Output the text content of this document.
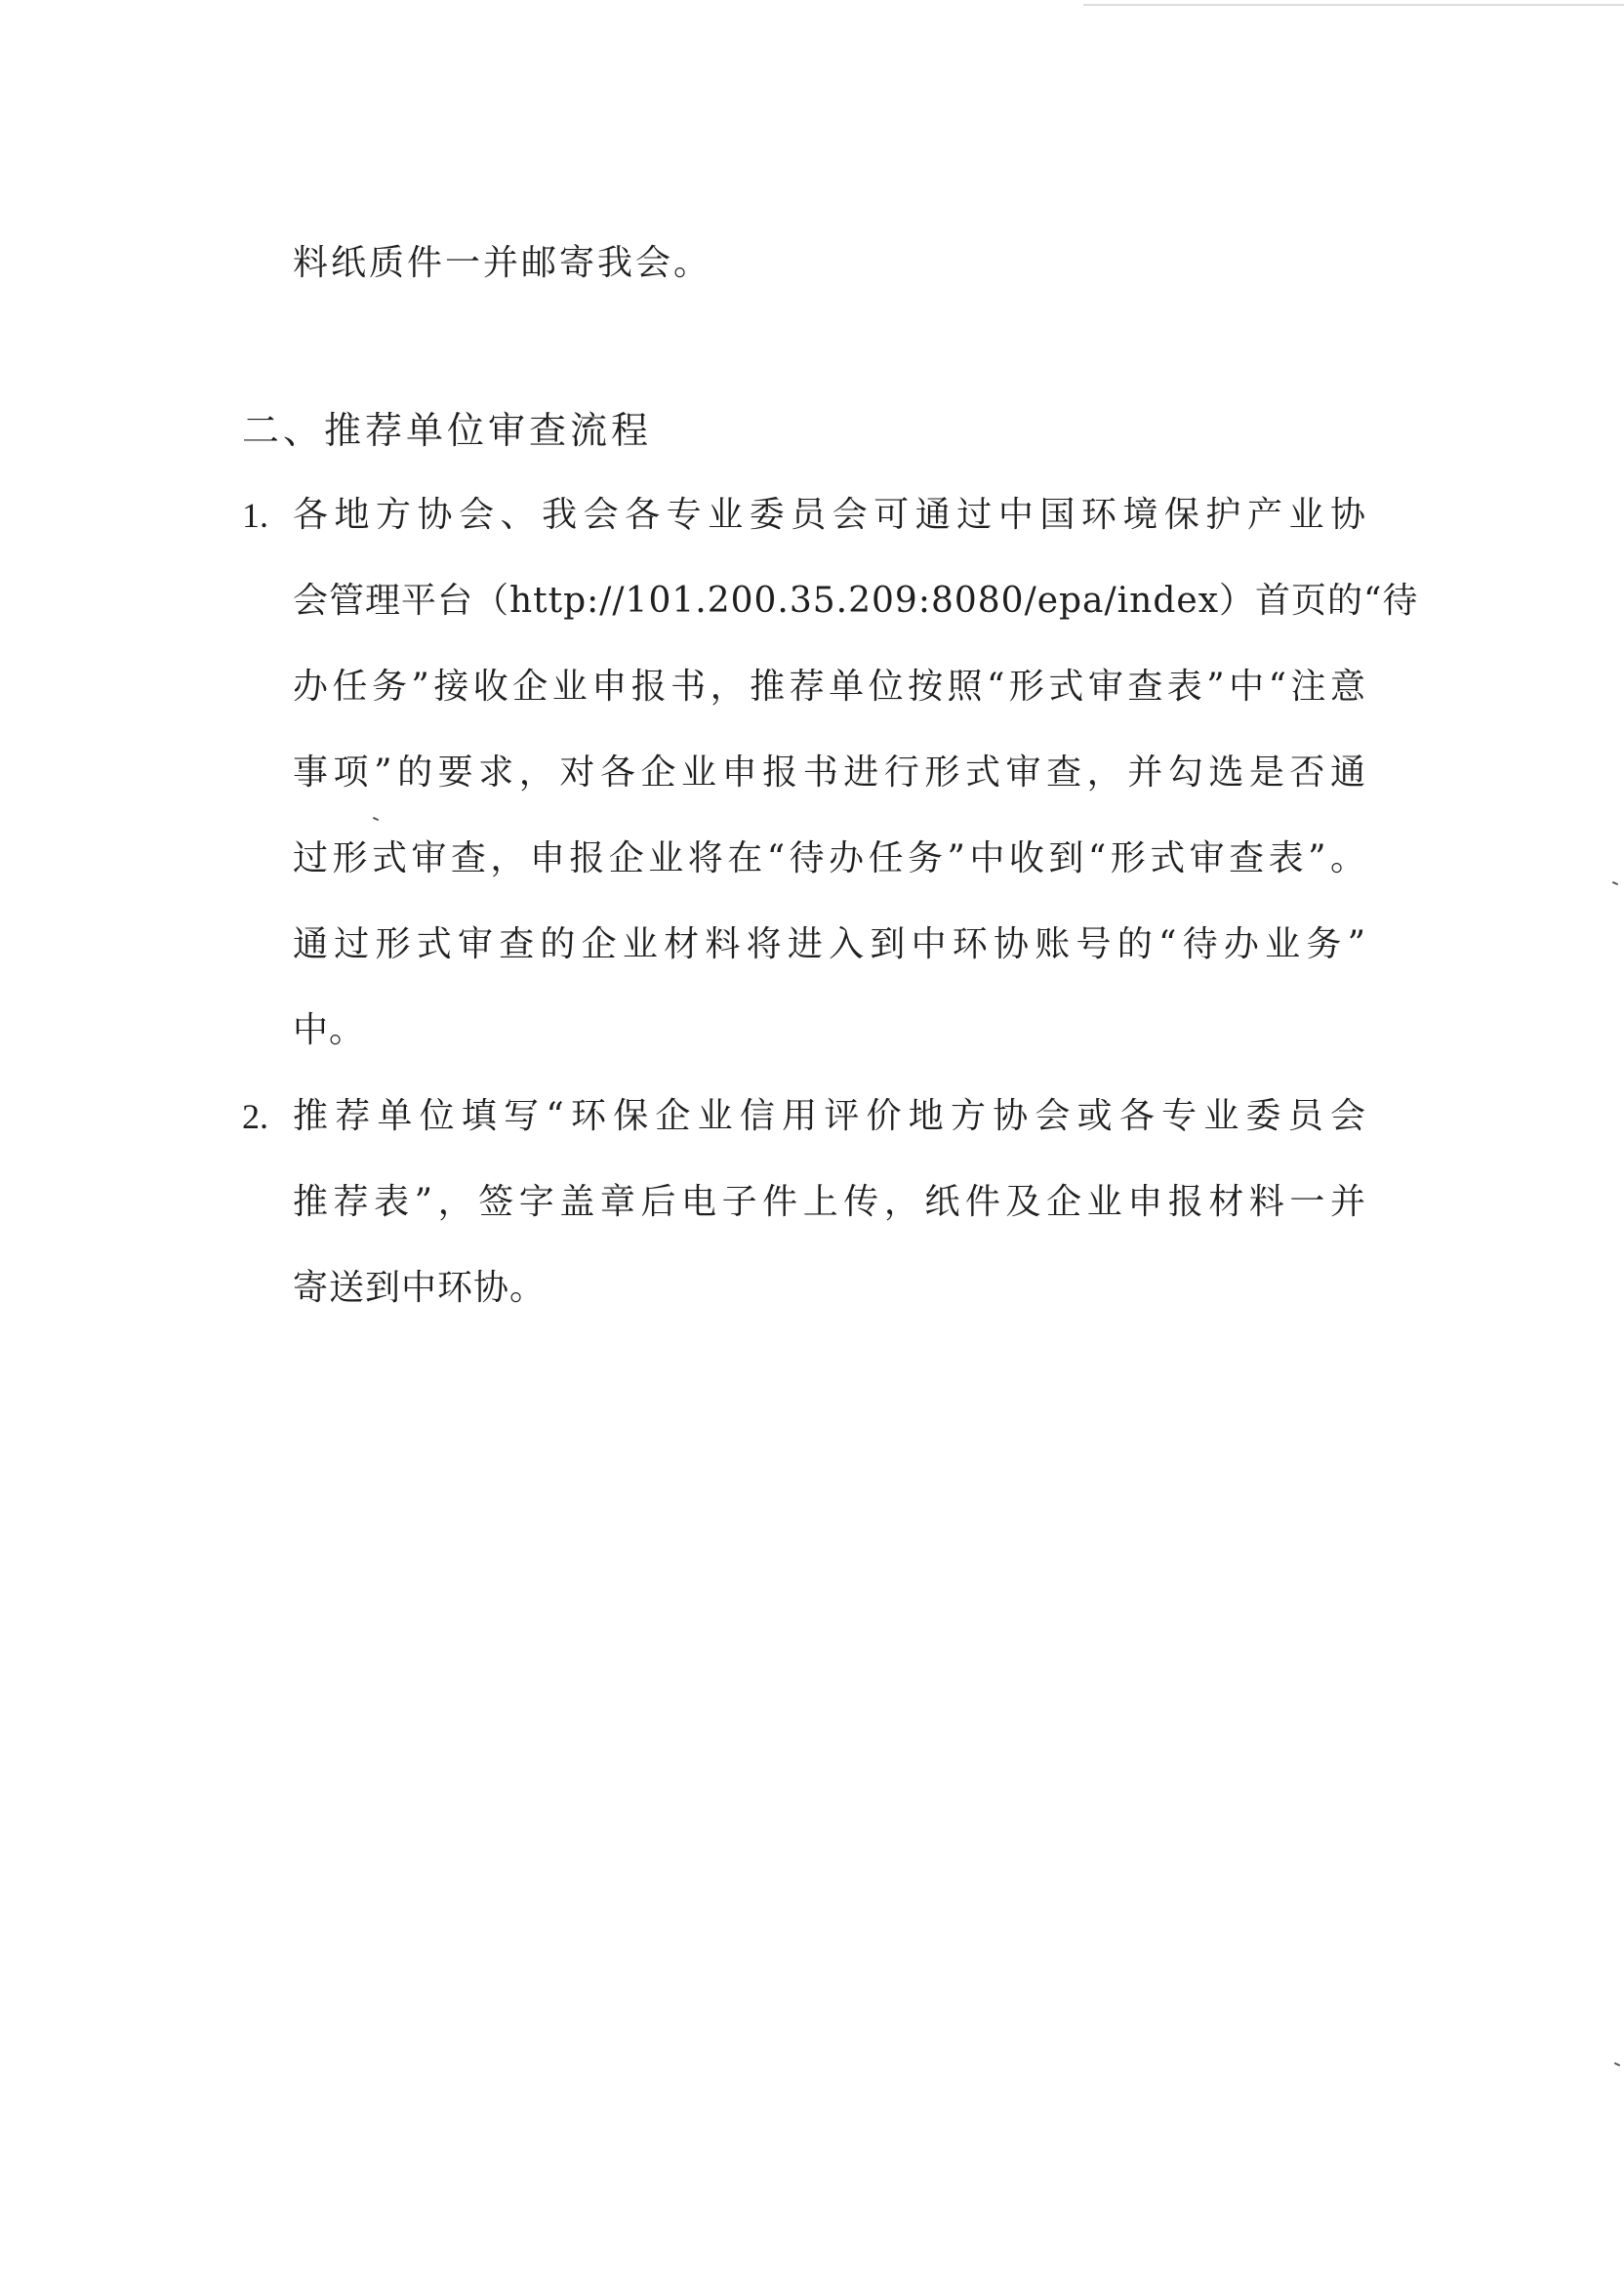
料纸质件一并邮寄我会。
二、推荐单位审查流程
1. 各地方协会、我会各专业委员会可通过中国环境保护产业协
会管理平台（http://101.200.35.209:8080/epa/index）首页的“待
办任务”接收企业申报书，推荐单位按照“形式审查表”中“注意
事项”的要求，对各企业申报书进行形式审查，并勾选是否通
过形式审查，申报企业将在“待办任务”中收到“形式审查表”。
通过形式审查的企业材料将进入到中环协账号的“待办业务”
中。
2. 推荐单位填写“环保企业信用评价地方协会或各专业委员会
推荐表”，签字盖章后电子件上传，纸件及企业申报材料一并
寄送到中环协。
